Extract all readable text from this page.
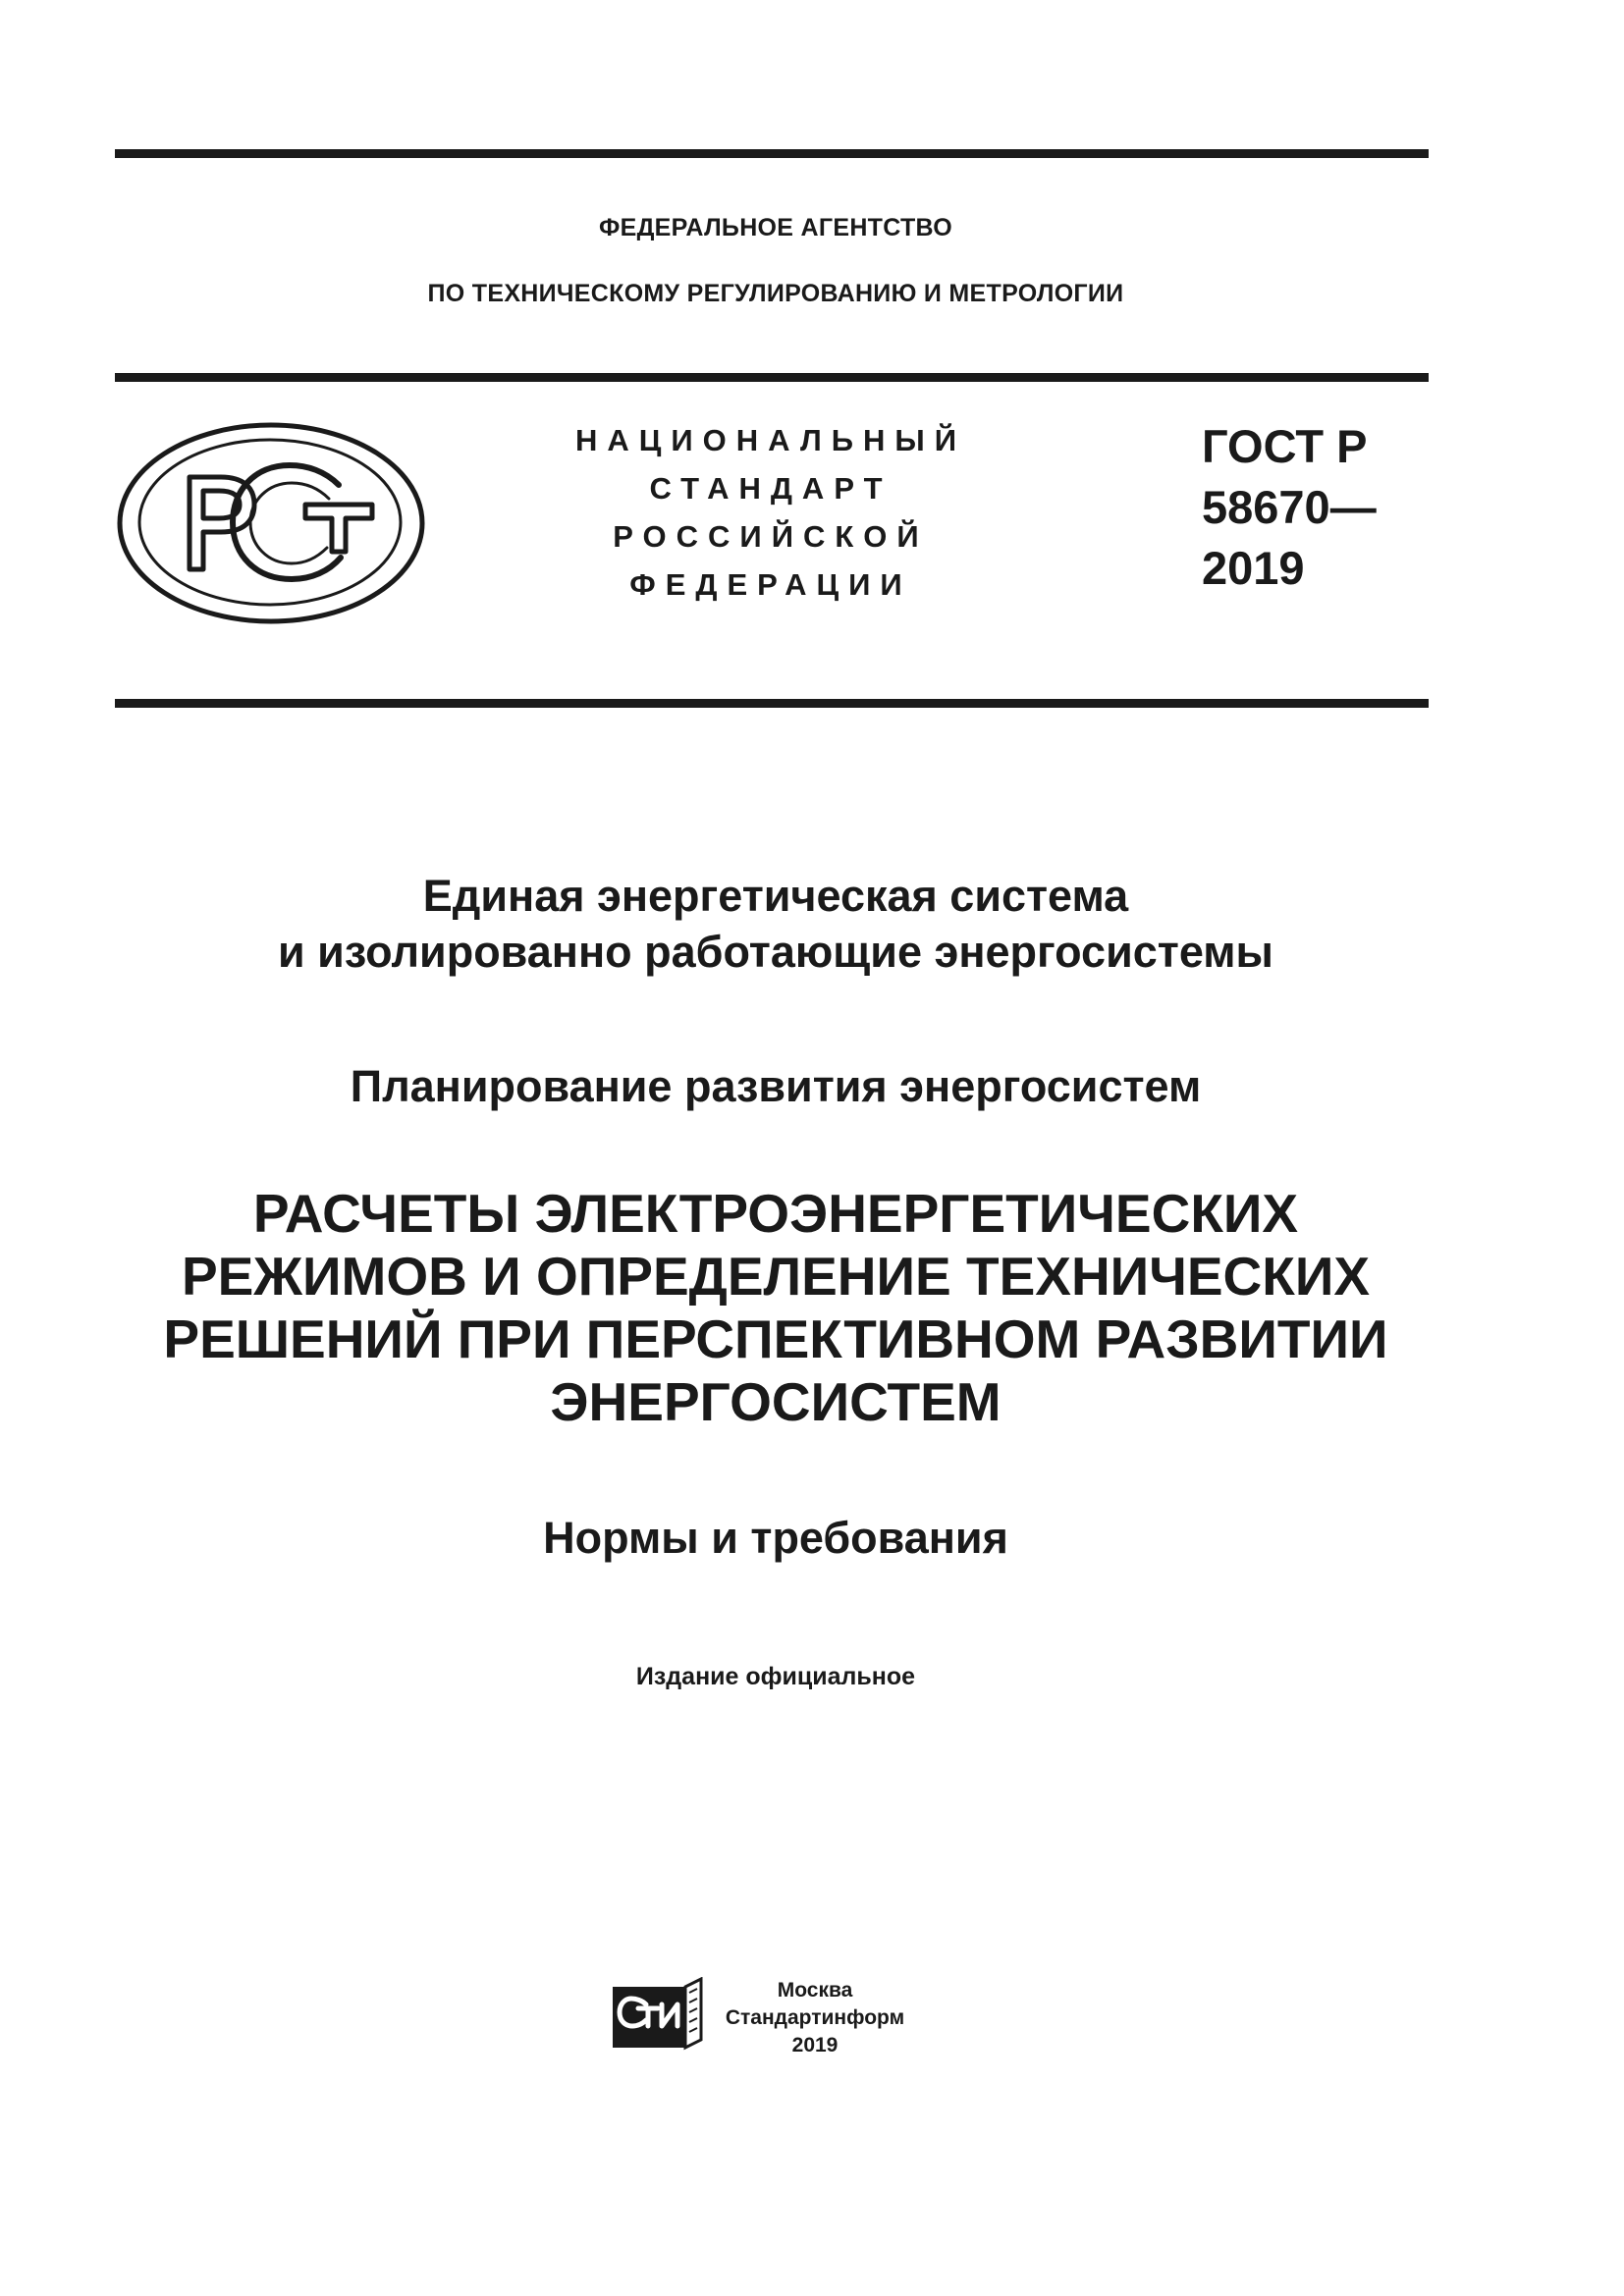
ФЕДЕРАЛЬНОЕ АГЕНТСТВО
ПО ТЕХНИЧЕСКОМУ РЕГУЛИРОВАНИЮ И МЕТРОЛОГИИ
НАЦИОНАЛЬНЫЙ
СТАНДАРТ
РОССИЙСКОЙ
ФЕДЕРАЦИИ
ГОСТ Р
58670—
2019
Единая энергетическая система
и изолированно работающие энергосистемы
Планирование развития энергосистем
РАСЧЕТЫ ЭЛЕКТРОЭНЕРГЕТИЧЕСКИХ
РЕЖИМОВ И ОПРЕДЕЛЕНИЕ ТЕХНИЧЕСКИХ
РЕШЕНИЙ ПРИ ПЕРСПЕКТИВНОМ РАЗВИТИИ
ЭНЕРГОСИСТЕМ
Нормы и требования
Издание официальное
Москва
Стандартинформ
2019
